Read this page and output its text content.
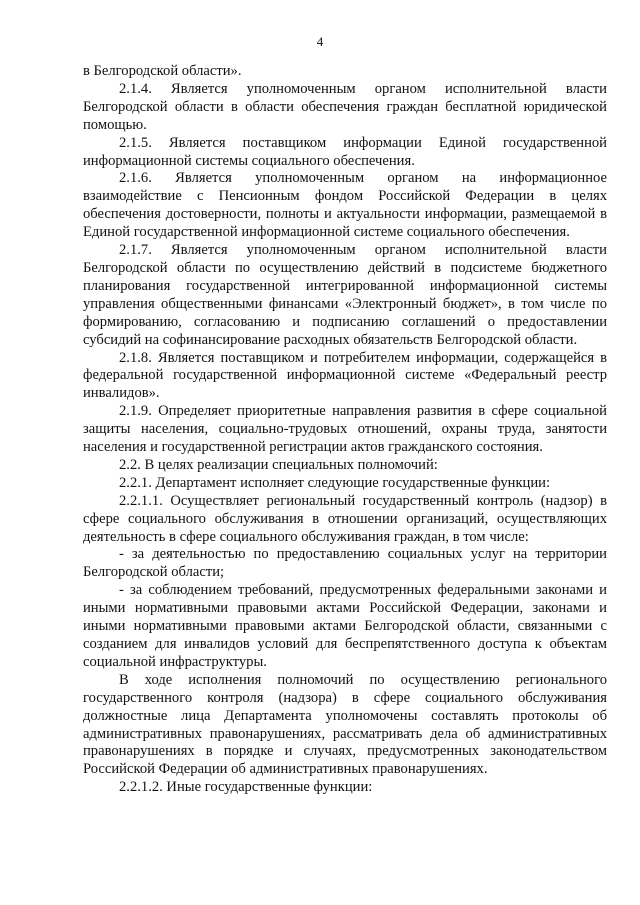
4

в Белгородской области».

2.1.4. Является уполномоченным органом исполнительной власти Белгородской области в области обеспечения граждан бесплатной юридической помощью.

2.1.5. Является поставщиком информации Единой государственной информационной системы социального обеспечения.

2.1.6. Является уполномоченным органом на информационное взаимодействие с Пенсионным фондом Российской Федерации в целях обеспечения достоверности, полноты и актуальности информации, размещаемой в Единой государственной информационной системе социального обеспечения.

2.1.7. Является уполномоченным органом исполнительной власти Белгородской области по осуществлению действий в подсистеме бюджетного планирования государственной интегрированной информационной системы управления общественными финансами «Электронный бюджет», в том числе по формированию, согласованию и подписанию соглашений о предоставлении субсидий на софинансирование расходных обязательств Белгородской области.

2.1.8. Является поставщиком и потребителем информации, содержащейся в федеральной государственной информационной системе «Федеральный реестр инвалидов».

2.1.9. Определяет приоритетные направления развития в сфере социальной защиты населения, социально-трудовых отношений, охраны труда, занятости населения и государственной регистрации актов гражданского состояния.

2.2. В целях реализации специальных полномочий:

2.2.1. Департамент исполняет следующие государственные функции:

2.2.1.1. Осуществляет региональный государственный контроль (надзор) в сфере социального обслуживания в отношении организаций, осуществляющих деятельность в сфере социального обслуживания граждан, в том числе:

- за деятельностью по предоставлению социальных услуг на территории Белгородской области;

- за соблюдением требований, предусмотренных федеральными законами и иными нормативными правовыми актами Российской Федерации, законами и иными нормативными правовыми актами Белгородской области, связанными с созданием для инвалидов условий для беспрепятственного доступа к объектам социальной инфраструктуры.

В ходе исполнения полномочий по осуществлению регионального государственного контроля (надзора) в сфере социального обслуживания должностные лица Департамента уполномочены составлять протоколы об административных правонарушениях, рассматривать дела об административных правонарушениях в порядке и случаях, предусмотренных законодательством Российской Федерации об административных правонарушениях.

2.2.1.2. Иные государственные функции:
